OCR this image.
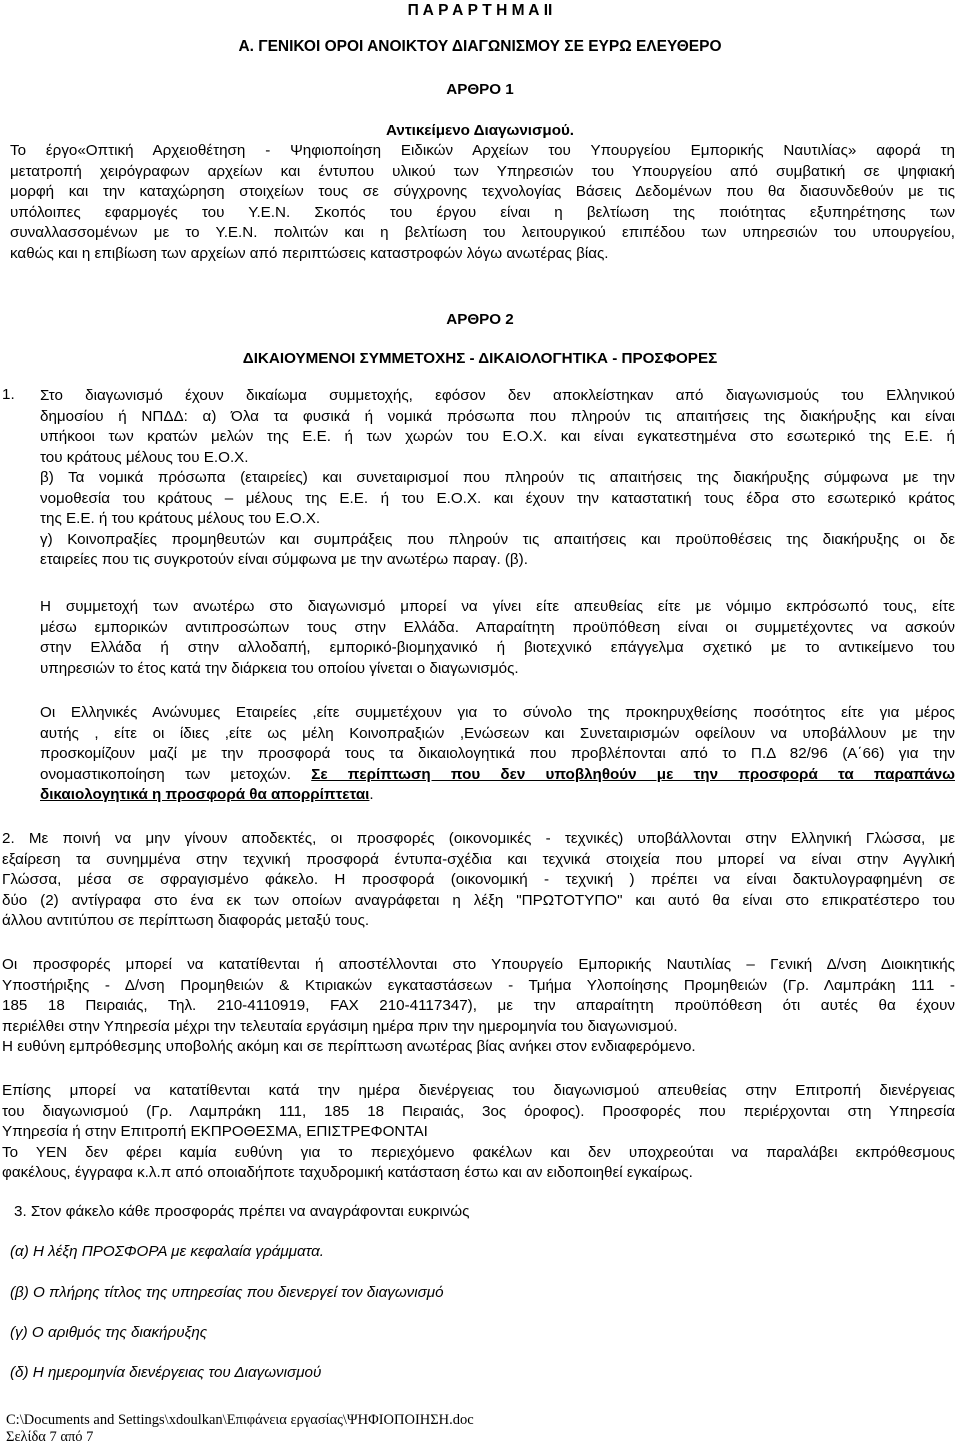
Π Α Ρ Α Ρ Τ Η Μ Α ΙΙ
Α. ΓΕΝΙΚΟΙ ΟΡΟΙ ΑΝΟΙΚΤΟΥ ΔΙΑΓΩΝΙΣΜΟΥ ΣΕ ΕΥΡΩ ΕΛΕΥΘΕΡΟ
ΑΡΘΡΟ 1
Αντικείμενο Διαγωνισμού.
Το έργο«Οπτική Αρχειοθέτηση - Ψηφιοποίηση Ειδικών Αρχείων του Υπουργείου Εμπορικής Ναυτιλίας» αφορά τη
μετατροπή χειρόγραφων αρχείων και έντυπου υλικού των Υπηρεσιών του Υπουργείου από συμβατική σε ψηφιακή
μορφή και την καταχώρηση στοιχείων τους σε σύγχρονης τεχνολογίας Βάσεις Δεδομένων που θα διασυνδεθούν με τις
υπόλοιπες εφαρμογές του Υ.Ε.Ν. Σκοπός του έργου είναι η βελτίωση της ποιότητας εξυπηρέτησης των
συναλλασσομένων με το Υ.Ε.Ν. πολιτών και η βελτίωση του λειτουργικού επιπέδου των υπηρεσιών του υπουργείου,
καθώς και η επιβίωση των αρχείων από περιπτώσεις καταστροφών λόγω ανωτέρας βίας.
ΑΡΘΡΟ 2
ΔΙΚΑΙΟΥΜΕΝΟΙ ΣΥΜΜΕΤΟΧΗΣ - ΔΙΚΑΙΟΛΟΓΗΤΙΚΑ - ΠΡΟΣΦΟΡΕΣ
1. Στο διαγωνισμό έχουν δικαίωμα συμμετοχής, εφόσον δεν αποκλείστηκαν από διαγωνισμούς του Ελληνικού
δημοσίου ή ΝΠΔΔ: α) Όλα τα φυσικά ή νομικά πρόσωπα που πληρούν τις απαιτήσεις της διακήρυξης και είναι
υπήκοοι των κρατών μελών της Ε.Ε. ή των χωρών του Ε.Ο.Χ. και είναι εγκατεστημένα στο εσωτερικό της Ε.Ε. ή
του κράτους μέλους του Ε.Ο.Χ.
β) Τα νομικά πρόσωπα (εταιρείες) και συνεταιρισμοί που πληρούν τις απαιτήσεις της διακήρυξης σύμφωνα με την
νομοθεσία του κράτους – μέλους της Ε.Ε. ή του Ε.Ο.Χ. και έχουν την καταστατική τους έδρα στο εσωτερικό κράτος
της Ε.Ε. ή του κράτους μέλους του Ε.Ο.Χ.
γ) Κοινοπραξίες προμηθευτών και συμπράξεις που πληρούν τις απαιτήσεις και προϋποθέσεις της διακήρυξης οι δε
εταιρείες που τις συγκροτούν είναι σύμφωνα με την ανωτέρω παραγ. (β).
Η συμμετοχή των ανωτέρω στο διαγωνισμό μπορεί να γίνει είτε απευθείας είτε με νόμιμο εκπρόσωπό τους, είτε
μέσω εμπορικών αντιπροσώπων τους στην Ελλάδα. Απαραίτητη προϋπόθεση είναι οι συμμετέχοντες να ασκούν
στην Ελλάδα ή στην αλλοδαπή, εμπορικό-βιομηχανικό ή βιοτεχνικό επάγγελμα σχετικό με το αντικείμενο του
υπηρεσιών το έτος κατά την διάρκεια του οποίου γίνεται ο διαγωνισμός.
Οι Ελληνικές Ανώνυμες Εταιρείες ,είτε συμμετέχουν για το σύνολο της προκηρυχθείσης ποσότητος είτε για μέρος
αυτής , είτε οι ίδιες ,είτε ως μέλη Κοινοπραξιών ,Ενώσεων και Συνεταιρισμών οφείλουν να υποβάλλουν με την
προσκομίζουν μαζί με την προσφορά τους τα δικαιολογητικά που προβλέπονται από το Π.Δ 82/96 (Α΄66) για την
ονομαστικοποίηση των μετοχών. Σε περίπτωση που δεν υποβληθούν με την προσφορά τα παραπάνω
δικαιολογητικά η προσφορά θα απορρίπτεται.
2. Με ποινή να μην γίνουν αποδεκτές, οι προσφορές (οικονομικές - τεχνικές) υποβάλλονται στην Ελληνική Γλώσσα, με
εξαίρεση τα συνημμένα στην τεχνική προσφορά έντυπα-σχέδια και τεχνικά στοιχεία που μπορεί να είναι στην Αγγλική
Γλώσσα, μέσα σε σφραγισμένο φάκελο. Η προσφορά (οικονομική - τεχνική ) πρέπει να είναι δακτυλογραφημένη σε
δύο (2) αντίγραφα στο ένα εκ των οποίων αναγράφεται η λέξη "ΠΡΩΤΟΤΥΠΟ" και αυτό θα είναι στο επικρατέστερο του
άλλου αντιτύπου σε περίπτωση διαφοράς μεταξύ τους.
Οι προσφορές μπορεί να κατατίθενται ή αποστέλλονται στο Υπουργείο Εμπορικής Ναυτιλίας – Γενική Δ/νση Διοικητικής
Υποστήριξης - Δ/νση Προμηθειών & Κτιριακών εγκαταστάσεων - Τμήμα Υλοποίησης Προμηθειών (Γρ. Λαμπράκη 111 -
185 18 Πειραιάς, Τηλ. 210-4110919, FAX 210-4117347), με την απαραίτητη προϋπόθεση ότι αυτές θα έχουν
περιέλθει στην Υπηρεσία μέχρι την τελευταία εργάσιμη ημέρα πριν την ημερομηνία του διαγωνισμού.
Η ευθύνη εμπρόθεσμης υποβολής ακόμη και σε περίπτωση ανωτέρας βίας ανήκει στον ενδιαφερόμενο.
Επίσης μπορεί να κατατίθενται κατά την ημέρα διενέργειας του διαγωνισμού απευθείας στην Επιτροπή διενέργειας
του διαγωνισμού (Γρ. Λαμπράκη 111, 185 18 Πειραιάς, 3ος όροφος). Προσφορές που περιέρχονται στη Υπηρεσία
Υπηρεσία ή στην Επιτροπή ΕΚΠΡΟΘΕΣΜΑ, ΕΠΙΣΤΡΕΦΟΝΤΑΙ
Το ΥΕΝ δεν φέρει καμία ευθύνη για το περιεχόμενο φακέλων και δεν υποχρεούται να παραλάβει εκπρόθεσμους
φακέλους, έγγραφα κ.λ.π από οποιαδήποτε ταχυδρομική κατάσταση έστω και αν ειδοποιηθεί εγκαίρως.
3. Στον φάκελο κάθε προσφοράς πρέπει να αναγράφονται ευκρινώς
(α) Η λέξη ΠΡΟΣΦΟΡΑ με κεφαλαία γράμματα.
(β) Ο πλήρης τίτλος της υπηρεσίας που διενεργεί τον διαγωνισμό
(γ) Ο αριθμός της διακήρυξης
(δ) Η ημερομηνία διενέργειας του Διαγωνισμού
C:\Documents and Settings\xdoulkan\Επιφάνεια εργασίας\ΨΗΦΙΟΠΟΙΗΣΗ.doc
Σελίδα 7 από 7
